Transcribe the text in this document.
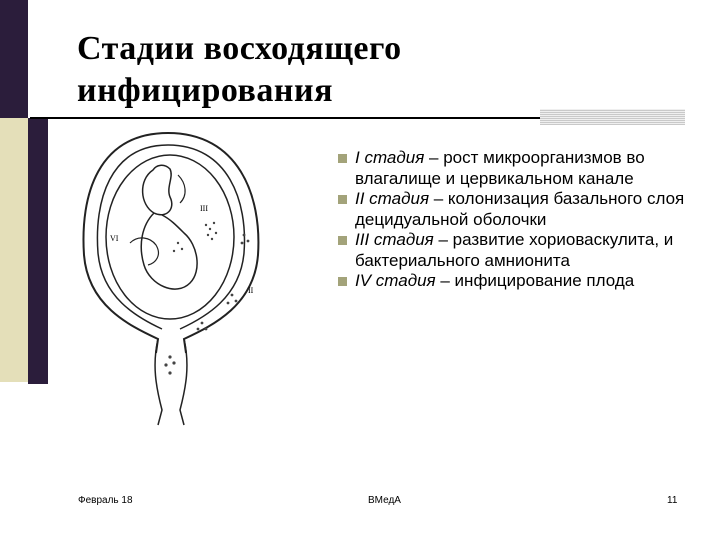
Стадии восходящего инфицирования
III
II
VI
I стадия – рост микроорганизмов во влагалище и цервикальном канале
II стадия – колонизация базального слоя децидуальной оболочки
III стадия – развитие хориоваскулита, и бактериального амнионита
IV стадия – инфицирование плода
Февраль 18	ВМедА	11
